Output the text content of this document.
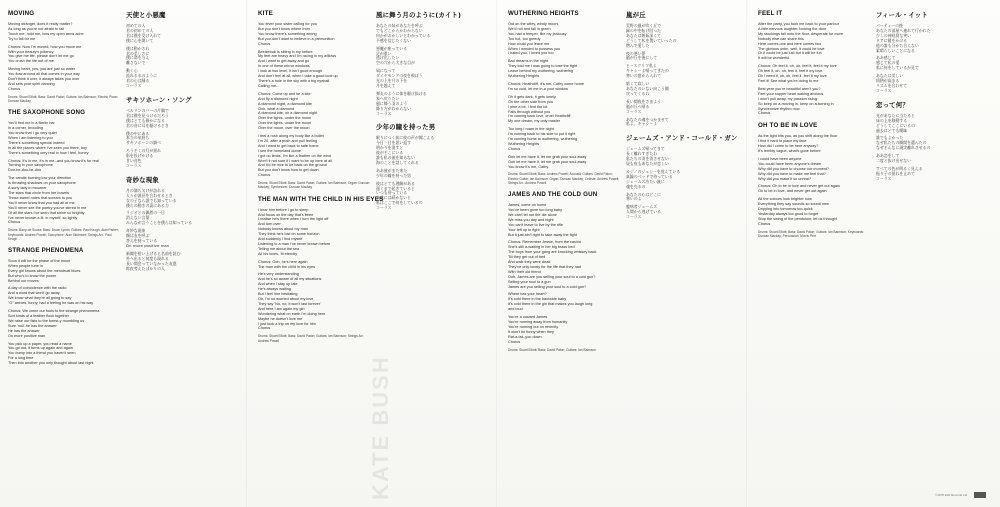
KATE BUSH
MOVING
Moving stranger, does it really matter?
As long as you're not afraid to fall
Touch me, hold me, how my open arms ache
Try to fall for me
Chorus: Now I'm moved, how you move me
With your beauty's potency
You give me life, please don't let me go
You crush the life out of me
Moving heart, yes, you are just so water
You flow around all that comes in your way
Don't think it over, it always takes you over
And sets your spirit dancing
Chorus
Drums: Stuart Elliott; Bass: David Paton; Guitars: Ian Bairnson; Electric Piano: Duncan Mackay
THE SAXOPHONE SONG
You'll find me in a Berlin bar
In a corner, brooding
You know that I go very quiet
When I am listening to you
There's something special indeed
In all the places where I've seen you there, boy
There's something very real in how I feel, honey
Chorus: It's in me, it's in me--and you know it's for real
Turning in your saxophone
Doo-be-doo-be-doo
The candle burning low your direction
Is throwing shadows on your saxophone
A surly lady in mourner
The stars that circle from her bowels
Those sweet notes that scream to you
You'll never know that you had all of me
You'll never see the poetry you've stirred in me
Of all the stars I've seen that shine so brightly
I've never known a lit, in myself, so lightly
Chorus
Drums: Barry de Souza; Bass: Bruce Lynch; Guitars: Paul Keogh, Alan Parker; Keyboards: Andrew Powell; Saxophone: Alan Skidmore; Strings Arr.: Paul Keogh
STRANGE PHENOMENA
Soon it will be the phase of the moon
When people tune in
Every girl knows about the menstrual blues
But who's to know the power
Behind our moves
A day of coincidence with the radio
And a word that won't go away
We know what they're all going to say
"G" arrives, funny, had a feeling he was on his way
Chorus: We come our fools to the strange phenomena
Sort kinds of a feather flock together
We raise our fists to the forest-y mumbling us
Sure 'null'-he has the answer
He has the answer
On more positive man
You pick up a paper, you read a name
You go out, it turns up again and again
You bump into a friend you haven't seen
For a long time
Then into another you only thought about last night
天使と小悪魔
初めての人
君の初めての人
君は僕を受け入れて
僕に心を開いて
僕は動かされ
君の美しさに
僕に命を与え
離さないで
動く心
流れる水のように
君の心は踊る
コーラス
サキソホーン・ソング
ベルリンのバーの片隅で
君は僕を見つけるだろう
僕はとても静かになる
君の音に耳を傾けるとき
僕の中にある
本当の気持ち
サキソホーンの調べ
ろうそくの灯が揺れ
影を投げかける
甘い音色
コーラス
奇妙な現象
月の満ち欠けが訪れる
人々が波長を合わせるとき
女の子なら誰でも知っている
僕らの動きの裏にある力
ラジオとの偶然の一日
消えない言葉
みんなが言うことを僕らは知っている
奇妙な現象
類は友を呼ぶ
答えを持っている
On more positive man
新聞を拾い上げると名前を読む
外へ出ると何度も現れる
長い間会っていなかった友達
昨夜考えたばかりの人
KITE
You fever your sister calling for you
But you don't know where from
You know there's something wrong
But you don't want to believe in a premonition
Chorus
Beelzebub is sitting in my before
My feet are heavy and I'm racing in my willows
And I want to get away and go
In one of these mirror windows
I look at two level, it isn't good enough
And don't feel at all, when I take a good look up
There's a hole in the sky with a big eyeball
Calling me--
Chorus: Come up and be a kite
And fly a diamond night
A diamond night, a diamond kite
Ooh, what a diamond
A diamond kite, on a diamond night
Over the lights, under the moon
Over the lights, under the moon
Over the moon, over the moon
I feel a rush along my body like a bullet
I'm 20, after a push and pull feeling
And I want to get back to safe home
I see the homeland dome
I got no limbs, I'm like a feather on the wind
Won't it not sure if I want to be up here at all
And it'd be nice to be back on the ground
But you don't know how to get down
Chorus
Drums: Stuart Elliott; Bass: David Paton; Guitars: Ian Bairnson; Organ: Duncan Mackay; Synthesizer: Duncan Mackay
THE MAN WITH THE CHILD IN HIS EYES
I hear him before I go to sleep
And focus on the day that's been
I realise he's there when I turn the light off
And turn over
Nobody knows about my man
They think he's lost on some horizon
And suddenly I find myself
Listening to a man I've never known before
Telling me about the sea
All his loves, 'til eternity
Chorus: Ooh, he's here again
The man with the child in his eyes
He's very understanding
And he's so aware of all my situations
And when I stay up late
He's always waiting
But I feel him hesitating
Oh, I'm so worried about my love
They say 'No, no, it won't last forever'
And here I am again my girl
Wondering what on earth I'm doing here
Maybe he doesn't love me
I just took a trip on my love for him
Chorus
Drums: Stuart Elliott; Bass: David Paton; Guitars: Ian Bairnson; Strings Arr.: Andrew Powell
風に舞う月のように(カイト)
あなたの妹があなたを呼ぶ
でもどこからかわからない
何かがおかしいとわかっている
予感を信じたくない
悪魔が座っている
足が重い
逃げ出したい
空の穴から大きな目が
凧になって
ダイヤモンドの夜を飛ぼう
光の上を月の下を
月を越えて
弾丸のように体を駆け抜ける
家へ戻りたい
風に舞う羽のよう
降り方がわからない
コーラス
少年の瞳を持った男
眠りにつく前に彼の声が聞こえる
今日一日を思い返す
明かりを消すと
彼がそこにいる
誰も私の彼を知らない
海のことを話してくれる
ああ彼がまた来た
少年の瞳を持った男
彼はとても理解がある
遅くまで起きていると
いつも待っている
永遠には続かないと
私はここで何をしているの
コーラス
WUTHERING HEIGHTS
Out on the wiley, windy moors
We'd roll and fall in green
You had a temper, like my jealousy
Too hot, too greedy
How could you leave me
When I needed to possess you
I hated you, I loved you too
Bad dreams in the night
They told me I was going to lose the fight
Leave behind my wuthering, wuthering
Wuthering Heights
Chorus: Heathcliff, it's me, Cathy come home
I'm so cold, let me in-a your window
Oh it gets dark, it gets lonely
On the other side from you
I pine a lot, I find the lot
Falls through without you
I'm coming back love, cruel Heathcliff
My one dream, my only master
Too long I roam in the night
I'm coming back to his side to put it right
I'm coming home to wuthering, wuthering
Wuthering Heights
Chorus
Ooh let me have it, let me grab your soul away
Ooh let me have it, let me grab your soul away
You know it's me, Cathy
Drums: Stuart Elliott; Bass: Andrew Powell; Acoustic Guitars: David Paton; Electric Guitar: Ian Bairnson; Organ: Duncan Mackay; Celeste: Andrew Powell; Strings Arr.: Andrew Powell
JAMES AND THE COLD GUN
James, come on home
You've been gone too long baby
We can't let our fire die alone
We miss you day and night
You can't leave to live by the rifle
Your left up to fight
But it just ain't right to take away the fight
Chorus: Remember Jessie, from the casino
She's still a-waiting in her big brass bed
The boys from your gang are knocking whiskey back
Till they get out of bed
And walk they were dead
They've only lonely for the life that they had
With their old friend
Ooh, James are you selling your soul to a cold gun?
Selling your soul to a gun
James are you selling your soul to a cold gun?
Where has your heart?
It's cold there in the backside baby
It's cold there in the gin that makes you laugh long
and loud
You're a coward James
You're running away from humanity
You're running out on revenity
It won't be funny when they
Rat-a-tat--you down
Chorus
Drums: Stuart Elliott; Bass: David Paton; Guitars: Ian Bairnson
嵐が丘
荒野の風が吹く丘で
緑の中を転げ回った
あなたは嫉妬深くて
どうして私を置いていったの
憎んで愛した
夜の悪い夢
嵐が丘を後にして
ヒースクリフ私よ
キャシーよ帰ってきたの
寒いの窓から入れて
暗くて寂しい
あなたのいない向こう側
戻ってくるわ
長い間夜をさまよう
嵐が丘へ帰る
コーラス
あなたの魂をつかませて
私よ、キャシーよ
ジェームズ・アンド・コールド・ガン
ジェームズ帰ってきて
長く離れすぎたわ
私たちの炎を消させない
昼も夜もあなたが恋しい
カジノのジェシーを覚えている
真鍮のベッドで待っている
ジェームズ冷たい銃に
魂を売るの
あなたの心はどこに
寒いのよ
臆病者ジェームズ
人間から逃げている
コーラス
FEEL IT
After the party, you took me back to your parlour
A little nervous laughter, locking the door
My stockings fall onto the floor, desperate for more
Nobody else can share this
Here comes one and here comes two
The glorious unbn, well, it could be love
Or it could be just lust but it will be fun
It will be wonderful
Chorus: Oh feel it, oh, oh, feel it, feel it my love
Oh feel it, oh, oh, feel it, feel it my love
Oh I need it, oh, oh, feel it, feel it my love
Feel it! See what you're doing to me
Best year you're beautiful aren't you?
Feel your supper heart waking anxious
I won't pull away, my passion rising
So keep on a-moving in, keep on a-turning in
Syncbronize rhythm now
Chorus
OH TO BE IN LOVE
As the light hits you, as you shift along the floor
I find it hard to place my face
How did I come to be here anyway?
It's terribly vague, what's gone before
I could have been anyone
You could have been anyone's dream
Why did you have to choose our moment?
Why did you have to make me feel that?
Why did you make it so unreal?
Chorus: Oh to be in love and never get out again
Oh to be in love, and never get out again
All the colours look brighter now
Everything they say sounds so sound new
Dripping into tomorrow too-quick
Yesterday always too good to forget
Stop the swing of the pendulum, let us through!
Chorus
Drums: Stuart Elliott; Bass: David Paton; Guitars: Ian Bairnson; Keyboards: Duncan Mackay; Percussion: Morris Pert
フィール・イット
パーティーの後
あなたの部屋へ連れて行かれた
少しの神経質な笑い
ドアに鍵をかける
他の誰も分かち合えない
素晴らしいことになる
ああ感じて
感じて私の愛
私に何をしているか見て
あなたは美しい
情熱が高まる
リズムを合わせて
コーラス
恋って何？
光があなたに当たると
床の上を移動する
どうしてここにいるの
過去はとても曖昧
誰でもよかった
なぜ私たちの瞬間を選んだの
なぜそんなに現実離れさせるの
ああ恋をして
二度と抜け出せない
すべての色が明るく見える
振り子の揺れを止めて
コーラス
©1978 EMI Records Ltd.
